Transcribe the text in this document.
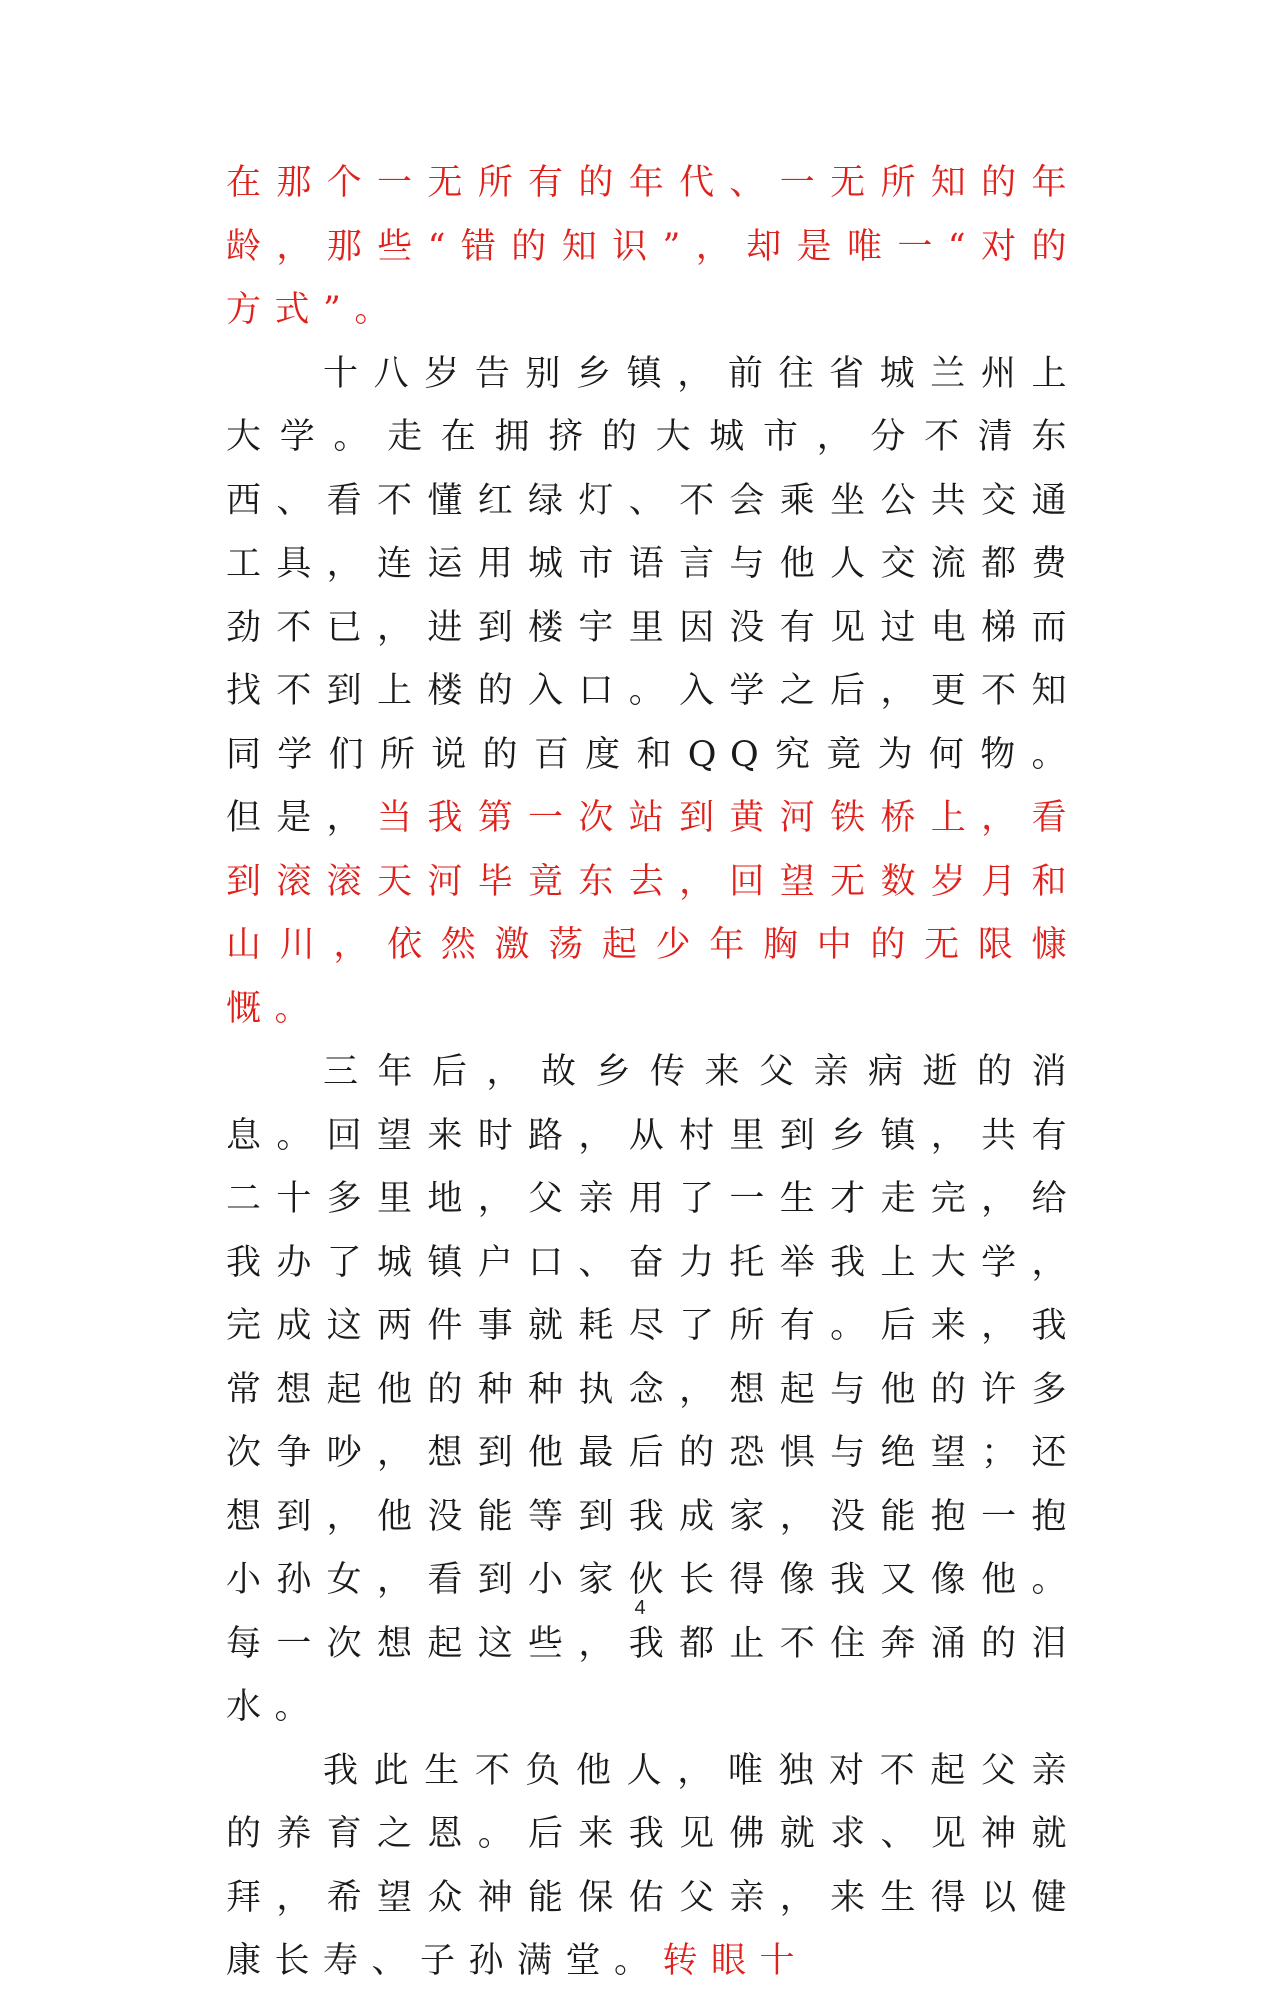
在那个一无所有的年代、一无所知的年龄，那些“错的知识”，却是唯一“对的方式”。

十八岁告别乡镇，前往省城兰州上大学。走在拥挤的大城市，分不清东西、看不懂红绿灯、不会乘坐公共交通工具，连运用城市语言与他人交流都费劲不已，进到楼宇里因没有见过电梯而找不到上楼的入口。入学之后，更不知同学们所说的百度和QQ究竟为何物。但是，当我第一次站到黄河铁桥上，看到滚滚天河毕竟东去，回望无数岁月和山川，依然激荡起少年胸中的无限慷慨。

三年后，故乡传来父亲病逝的消息。回望来时路，从村里到乡镇，共有二十多里地，父亲用了一生才走完，给我办了城镇户口、奋力托举我上大学，完成这两件事就耗尽了所有。后来，我常想起他的种种执念，想起与他的许多次争吵，想到他最后的恐惧与绝望；还想到，他没能等到我成家，没能抱一抱小孙女，看到小家伙长得像我又像他。每一次想起这些，我都止不住奔涌的泪水。

我此生不负他人，唯独对不起父亲的养育之恩。后来我见佛就求、见神就拜，希望众神能保佑父亲，来生得以健康长寿、子孙满堂。转眼十

4
